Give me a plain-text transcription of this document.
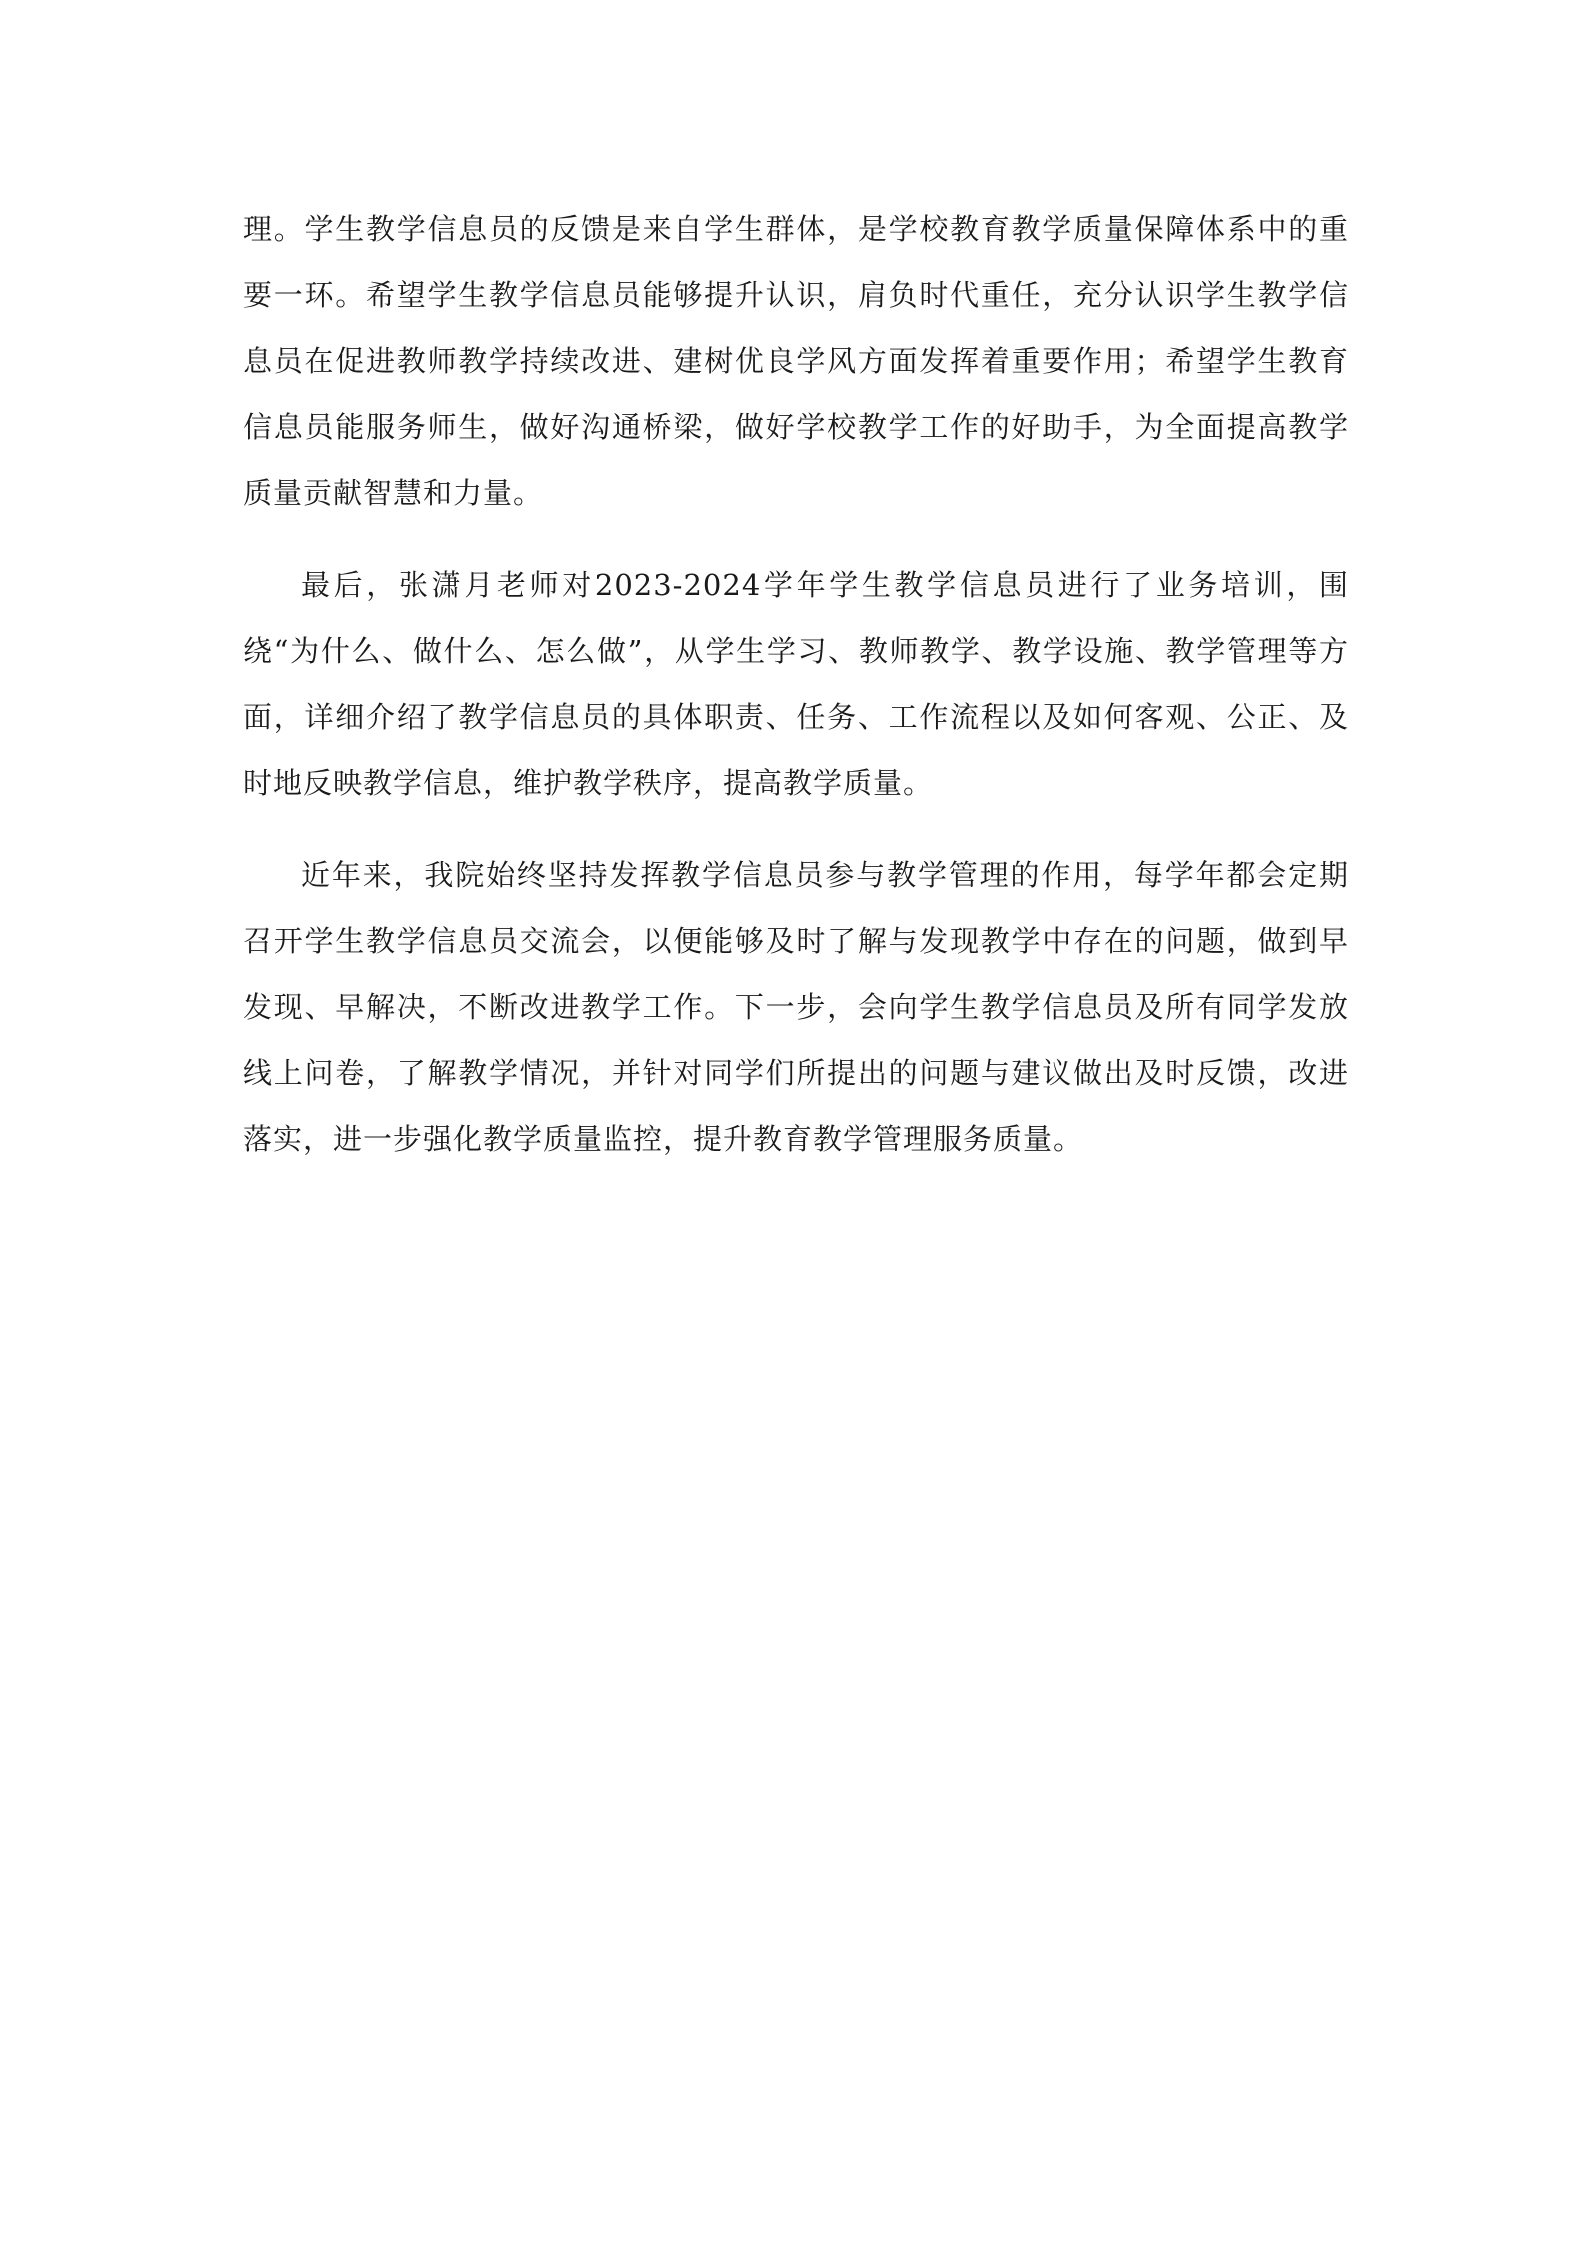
理。学生教学信息员的反馈是来自学生群体，是学校教育教学质量保障体系中的重要一环。希望学生教学信息员能够提升认识，肩负时代重任，充分认识学生教学信息员在促进教师教学持续改进、建树优良学风方面发挥着重要作用；希望学生教育信息员能服务师生，做好沟通桥梁，做好学校教学工作的好助手，为全面提高教学质量贡献智慧和力量。

最后，张潇月老师对2023-2024学年学生教学信息员进行了业务培训，围绕“为什么、做什么、怎么做”，从学生学习、教师教学、教学设施、教学管理等方面，详细介绍了教学信息员的具体职责、任务、工作流程以及如何客观、公正、及时地反映教学信息，维护教学秩序，提高教学质量。

近年来，我院始终坚持发挥教学信息员参与教学管理的作用，每学年都会定期召开学生教学信息员交流会，以便能够及时了解与发现教学中存在的问题，做到早发现、早解决，不断改进教学工作。下一步，会向学生教学信息员及所有同学发放线上问卷，了解教学情况，并针对同学们所提出的问题与建议做出及时反馈，改进落实，进一步强化教学质量监控，提升教育教学管理服务质量。
